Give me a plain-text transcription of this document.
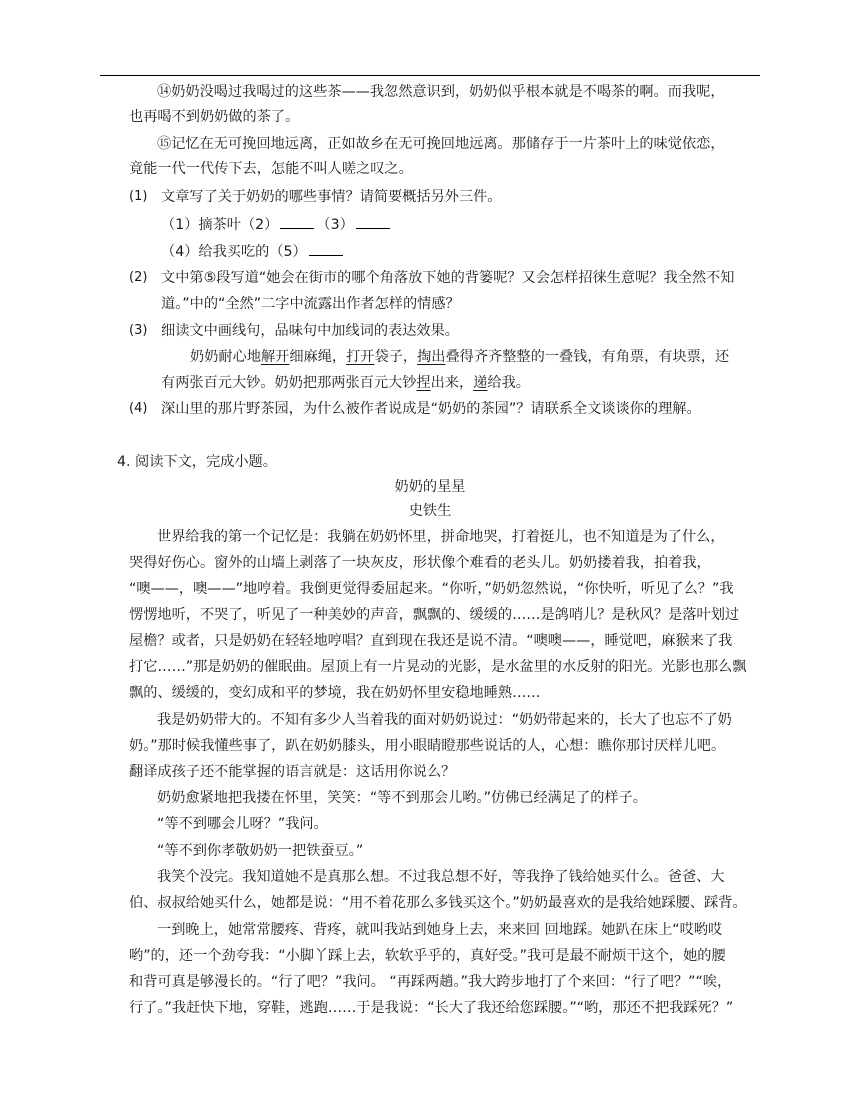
⑭奶奶没喝过我喝过的这些茶——我忽然意识到，奶奶似乎根本就是不喝茶的啊。而我呢，
也再喝不到奶奶做的茶了。
⑮记忆在无可挽回地远离，正如故乡在无可挽回地远离。那储存于一片茶叶上的味觉依恋，
竟能一代一代传下去，怎能不叫人嗟之叹之。
(1) 文章写了关于奶奶的哪些事情？请简要概括另外三件。
（1）摘茶叶（2）	（3）
（4）给我买吃的（5）
(2) 文中第⑤段写道“她会在街市的哪个角落放下她的背篓呢？又会怎样招徕生意呢？我全然不知
道。”中的“全然”二字中流露出作者怎样的情感？
(3) 细读文中画线句，品味句中加线词的表达效果。
奶奶耐心地解开细麻绳，打开袋子，掏出叠得齐齐整整的一叠钱，有角票，有块票，还
有两张百元大钞。奶奶把那两张百元大钞捏出来，递给我。
(4) 深山里的那片野茶园，为什么被作者说成是“奶奶的茶园”？请联系全文谈谈你的理解。
4. 阅读下文，完成小题。
奶奶的星星
史铁生
世界给我的第一个记忆是：我躺在奶奶怀里，拼命地哭，打着挺儿，也不知道是为了什么，
哭得好伤心。窗外的山墙上剥落了一块灰皮，形状像个难看的老头儿。奶奶搂着我，拍着我，
“噢——，噢——”地哼着。我倒更觉得委屈起来。“你听，”奶奶忽然说，“你快听，听见了么？”我
愣愣地听，不哭了，听见了一种美妙的声音，飘飘的、缓缓的……是鸽哨儿？是秋风？是落叶划过
屋檐？或者，只是奶奶在轻轻地哼唱？直到现在我还是说不清。“噢噢——，睡觉吧，麻猴来了我
打它……”那是奶奶的催眠曲。屋顶上有一片晃动的光影，是水盆里的水反射的阳光。光影也那么飘
飘的、缓缓的，变幻成和平的梦境，我在奶奶怀里安稳地睡熟……
我是奶奶带大的。不知有多少人当着我的面对奶奶说过：“奶奶带起来的，长大了也忘不了奶
奶。”那时候我懂些事了，趴在奶奶膝头，用小眼睛瞪那些说话的人，心想：瞧你那讨厌样儿吧。
翻译成孩子还不能掌握的语言就是：这话用你说么？
奶奶愈紧地把我搂在怀里，笑笑：“等不到那会儿哟。”仿佛已经满足了的样子。
“等不到哪会儿呀？”我问。
“等不到你孝敬奶奶一把铁蚕豆。”
我笑个没完。我知道她不是真那么想。不过我总想不好，等我挣了钱给她买什么。爸爸、大
伯、叔叔给她买什么，她都是说：“用不着花那么多钱买这个。”奶奶最喜欢的是我给她踩腰、踩背。
一到晚上，她常常腰疼、背疼，就叫我站到她身上去，来来回 回地踩。她趴在床上“哎哟哎
哟”的，还一个劲夸我：“小脚丫踩上去，软软乎乎的，真好受。”我可是最不耐烦干这个，她的腰
和背可真是够漫长的。“行了吧？”我问。 “再踩两趟。”我大跨步地打了个来回：“行了吧？”“唉，
行了。”我赶快下地，穿鞋，逃跑……于是我说：“长大了我还给您踩腰。”“哟，那还不把我踩死？”
